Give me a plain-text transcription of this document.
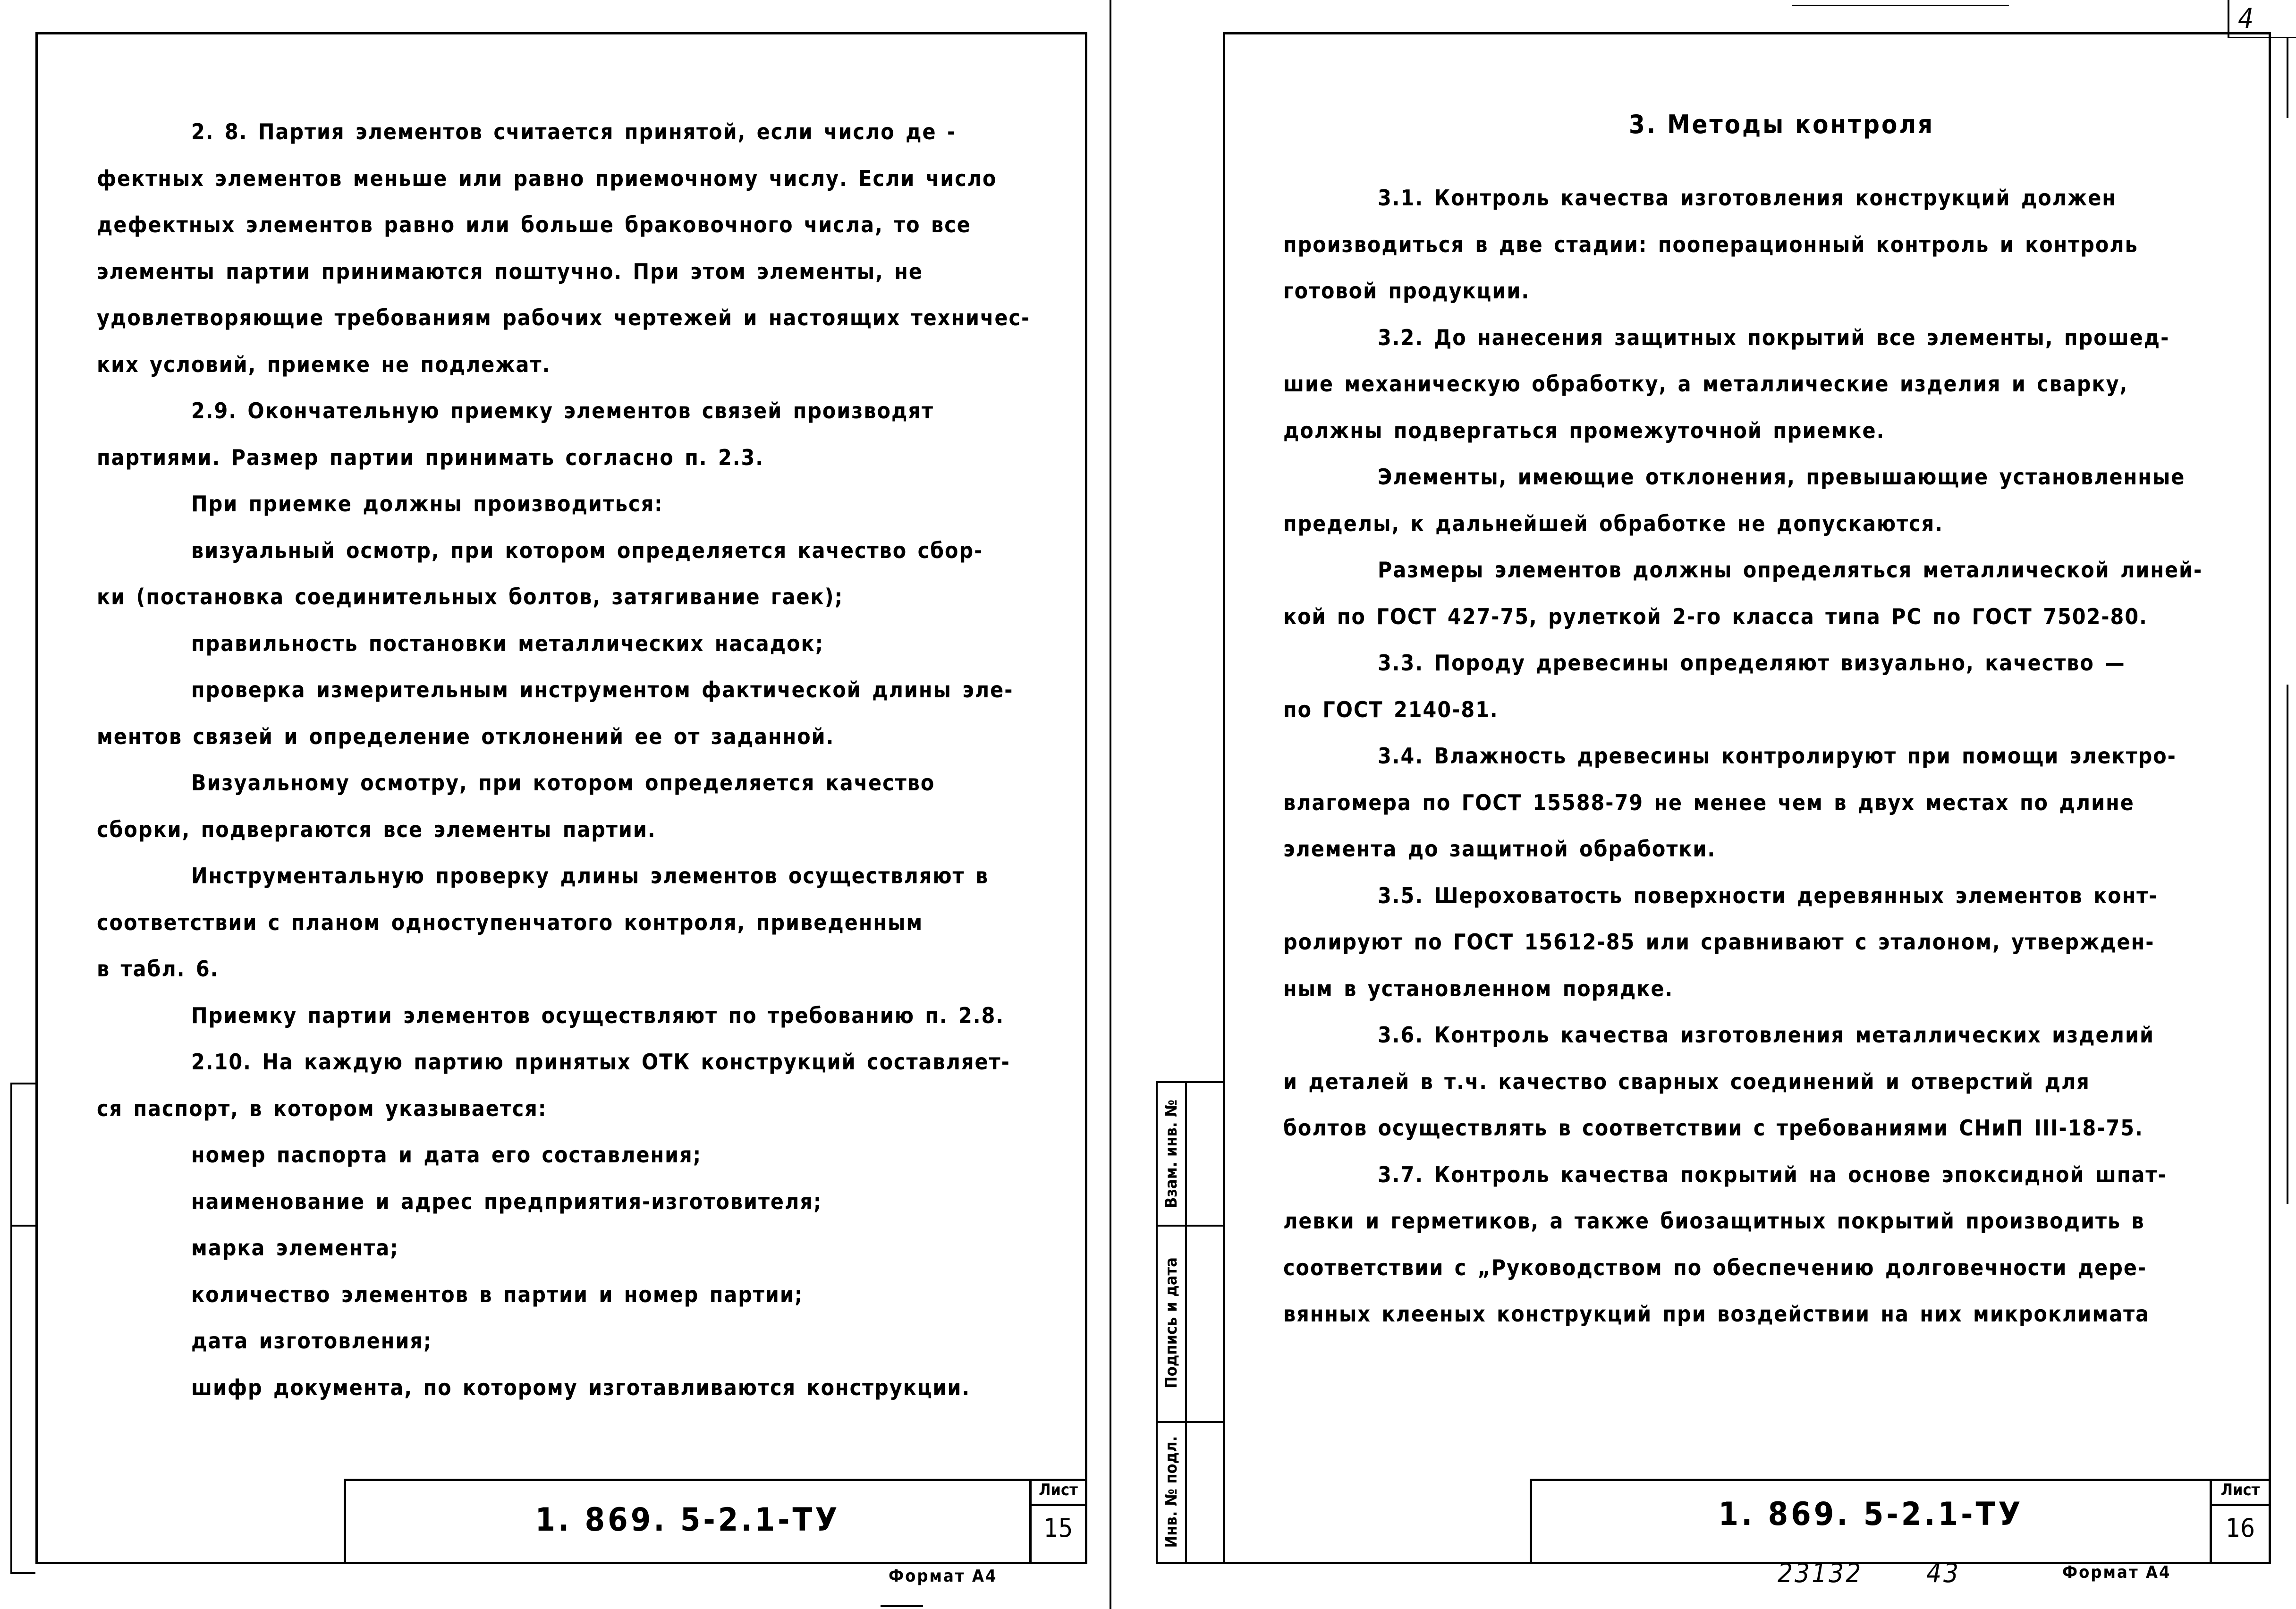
2. 8. Партия элементов считается принятой, если число де -
фектных элементов меньше или равно приемочному числу. Если число
дефектных элементов равно или больше браковочного числа, то все
элементы партии принимаются поштучно. При этом элементы, не
удовлетворяющие требованиям рабочих чертежей и настоящих техничес-
ких условий, приемке не подлежат.
2.9. Окончательную приемку элементов связей производят
партиями. Размер партии принимать согласно п. 2.3.
При приемке должны производиться:
визуальный осмотр, при котором определяется качество сбор-
ки (постановка соединительных болтов, затягивание гаек);
правильность постановки металлических насадок;
проверка измерительным инструментом фактической длины эле-
ментов связей и определение отклонений ее от заданной.
Визуальному осмотру, при котором определяется качество
сборки, подвергаются все элементы партии.
Инструментальную проверку длины элементов осуществляют в
соответствии с планом одноступенчатого контроля, приведенным
в табл. 6.
Приемку партии элементов осуществляют по требованию п. 2.8.
2.10. На каждую партию принятых ОТК конструкций составляет-
ся паспорт, в котором указывается:
номер паспорта и дата его составления;
наименование и адрес предприятия-изготовителя;
марка элемента;
количество элементов в партии и номер партии;
дата изготовления;
шифр документа, по которому изготавливаются конструкции.
1. 869. 5-2.1-ТУ
Лист
15
Формат А4
3. Методы контроля
3.1. Контроль качества изготовления конструкций должен
производиться в две стадии: пооперационный контроль и контроль
готовой продукции.
3.2. До нанесения защитных покрытий все элементы, прошед-
шие механическую обработку, а металлические изделия и сварку,
должны подвергаться промежуточной приемке.
Элементы, имеющие отклонения, превышающие установленные
пределы, к дальнейшей обработке не допускаются.
Размеры элементов должны определяться металлической линей-
кой по ГОСТ 427-75, рулеткой 2-го класса типа РС по ГОСТ 7502-80.
3.3. Породу древесины определяют визуально, качество —
по ГОСТ 2140-81.
3.4. Влажность древесины контролируют при помощи электро-
влагомера по ГОСТ 15588-79 не менее чем в двух местах по длине
элемента до защитной обработки.
3.5. Шероховатость поверхности деревянных элементов конт-
ролируют по ГОСТ 15612-85 или сравнивают с эталоном, утвержден-
ным в установленном порядке.
3.6. Контроль качества изготовления металлических изделий
и деталей в т.ч. качество сварных соединений и отверстий для
болтов осуществлять в соответствии с требованиями СНиП III-18-75.
3.7. Контроль качества покрытий на основе эпоксидной шпат-
левки и герметиков, а также биозащитных покрытий производить в
соответствии с „Руководством по обеспечению долговечности дере-
вянных клееных конструкций при воздействии на них микроклимата
1. 869. 5-2.1-ТУ
Лист
16
Формат А4
23132 43
4
Инв. № подл.
Подпись и дата
Взам. инв. №
